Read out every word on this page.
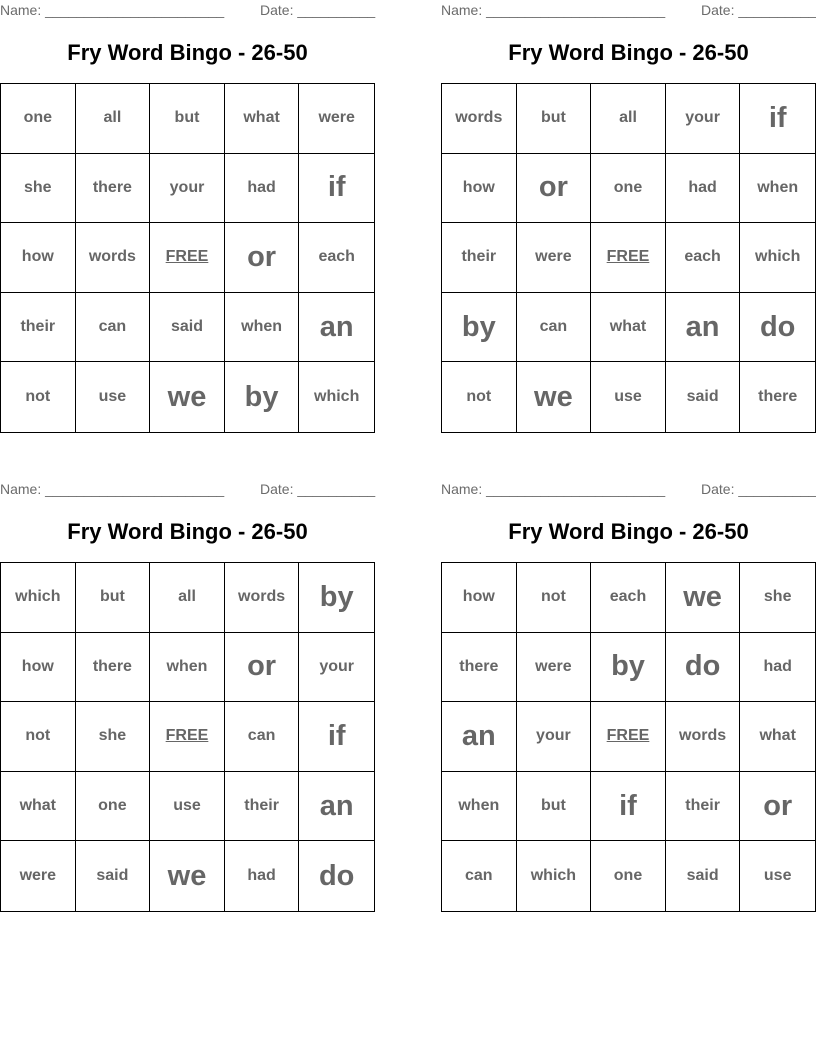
Name: _______________________	Date: __________
Fry Word Bingo - 26-50
one	all	but	what	were
she	there	your	had	if
how	words	FREE	or	each
their	can	said	when	an
not	use	we	by	which
Name: _______________________	Date: __________
Fry Word Bingo - 26-50
words	but	all	your	if
how	or	one	had	when
their	were	FREE	each	which
by	can	what	an	do
not	we	use	said	there
Name: _______________________	Date: __________
Fry Word Bingo - 26-50
which	but	all	words	by
how	there	when	or	your
not	she	FREE	can	if
what	one	use	their	an
were	said	we	had	do
Name: _______________________	Date: __________
Fry Word Bingo - 26-50
how	not	each	we	she
there	were	by	do	had
an	your	FREE	words	what
when	but	if	their	or
can	which	one	said	use
